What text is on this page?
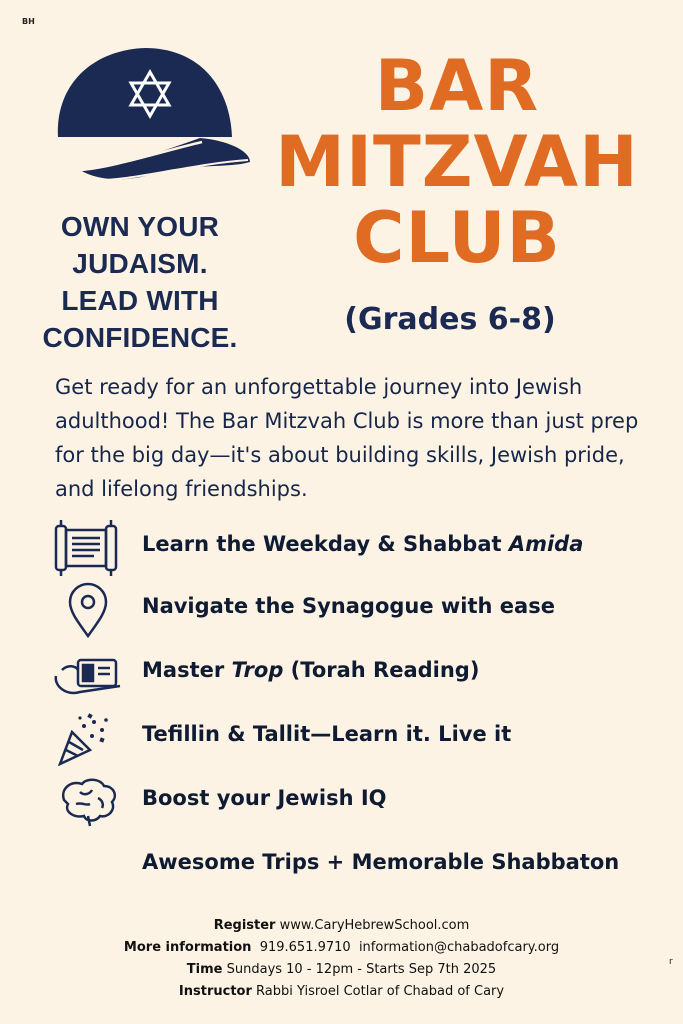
BH
OWN YOUR
JUDAISM.
LEAD WITH
CONFIDENCE.
BAR
MITZVAH
CLUB
(Grades 6-8)
Get ready for an unforgettable journey into Jewish adulthood! The Bar Mitzvah Club is more than just prep for the big day—it's about building skills, Jewish pride, and lifelong friendships.
Learn the Weekday & Shabbat Amida
Navigate the Synagogue with ease
Master Trop (Torah Reading)
Tefillin & Tallit—Learn it. Live it
Boost your Jewish IQ
Awesome Trips + Memorable Shabbaton
Register www.CaryHebrewSchool.com
More information  919.651.9710  information@chabadofcary.org
Time Sundays 10 - 12pm - Starts Sep 7th 2025
Instructor Rabbi Yisroel Cotlar of Chabad of Cary
r
